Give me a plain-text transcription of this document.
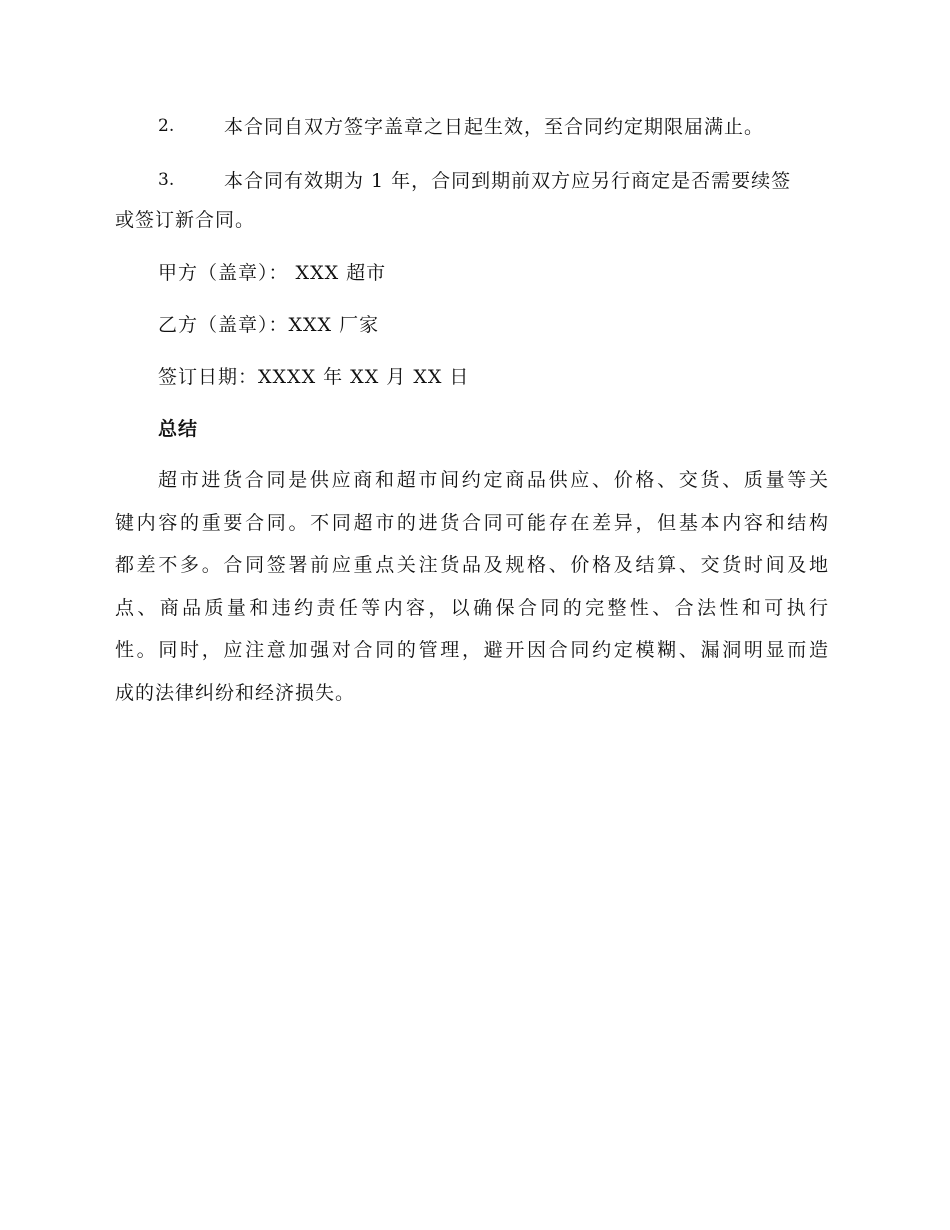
2.	本合同自双方签字盖章之日起生效，至合同约定期限届满止。
3.	本合同有效期为 1 年，合同到期前双方应另行商定是否需要续签
或签订新合同。
甲方（盖章）： XXX 超市
乙方（盖章）：XXX 厂家
签订日期：XXXX 年 XX 月 XX 日
总结
超市进货合同是供应商和超市间约定商品供应、价格、交货、质量等关
键内容的重要合同。不同超市的进货合同可能存在差异，但基本内容和结构
都差不多。合同签署前应重点关注货品及规格、价格及结算、交货时间及地
点、商品质量和违约责任等内容，以确保合同的完整性、合法性和可执行
性。同时，应注意加强对合同的管理，避开因合同约定模糊、漏洞明显而造
成的法律纠纷和经济损失。
